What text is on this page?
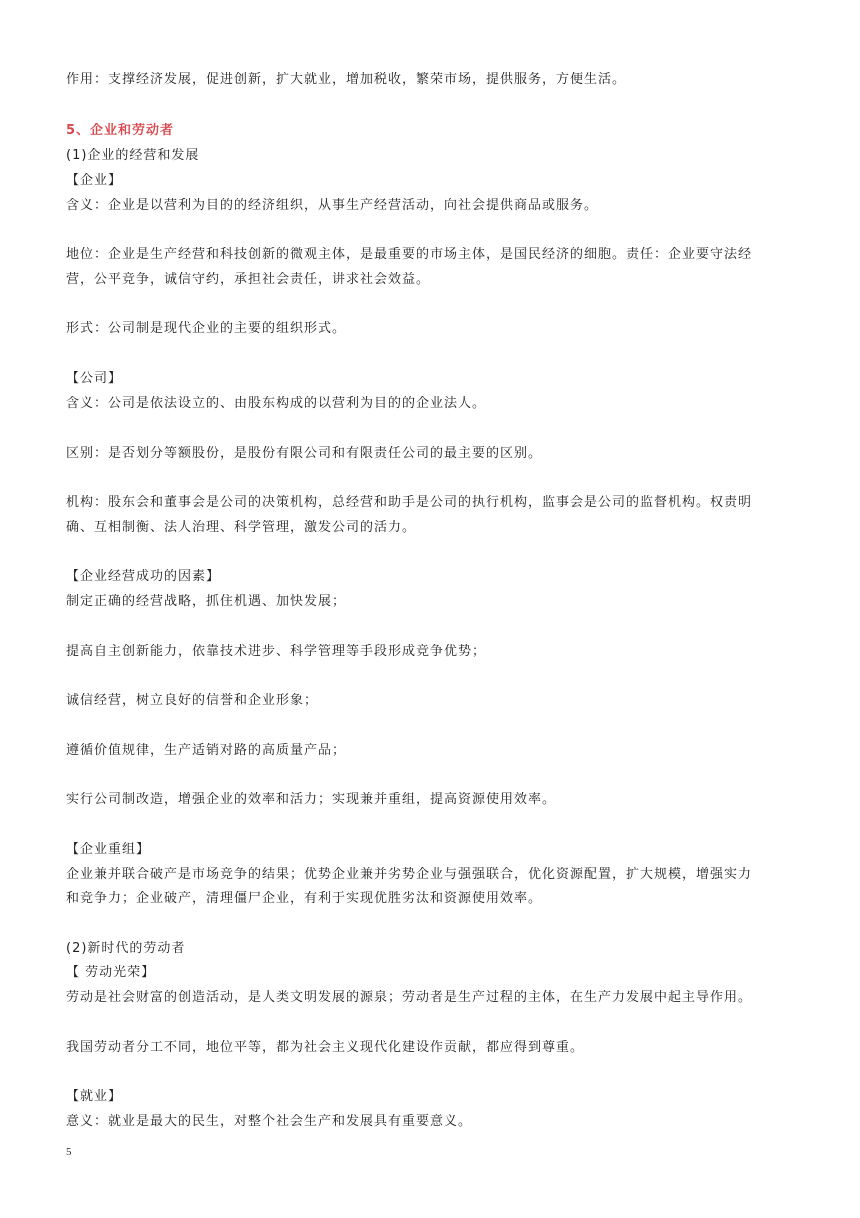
作用：支撑经济发展，促进创新，扩大就业，增加税收，繁荣市场，提供服务，方便生活。
5、企业和劳动者
(1)企业的经营和发展
【企业】
含义：企业是以营利为目的的经济组织，从事生产经营活动，向社会提供商品或服务。
地位：企业是生产经营和科技创新的微观主体，是最重要的市场主体，是国民经济的细胞。责任：企业要守法经
营，公平竞争，诚信守约，承担社会责任，讲求社会效益。
形式：公司制是现代企业的主要的组织形式。
【公司】
含义：公司是依法设立的、由股东构成的以营利为目的的企业法人。
区别：是否划分等额股份，是股份有限公司和有限责任公司的最主要的区别。
机构：股东会和董事会是公司的决策机构，总经营和助手是公司的执行机构，监事会是公司的监督机构。权责明
确、互相制衡、法人治理、科学管理，激发公司的活力。
【企业经营成功的因素】
制定正确的经营战略，抓住机遇、加快发展；
提高自主创新能力，依靠技术进步、科学管理等手段形成竞争优势；
诚信经营，树立良好的信誉和企业形象；
遵循价值规律，生产适销对路的高质量产品；
实行公司制改造，增强企业的效率和活力；实现兼并重组，提高资源使用效率。
【企业重组】
企业兼并联合破产是市场竞争的结果；优势企业兼并劣势企业与强强联合，优化资源配置，扩大规模，增强实力
和竞争力；企业破产，清理僵尸企业，有利于实现优胜劣汰和资源使用效率。
(2)新时代的劳动者
【 劳动光荣】
劳动是社会财富的创造活动，是人类文明发展的源泉；劳动者是生产过程的主体，在生产力发展中起主导作用。
我国劳动者分工不同，地位平等，都为社会主义现代化建设作贡献，都应得到尊重。
【就业】
意义：就业是最大的民生，对整个社会生产和发展具有重要意义。
5
